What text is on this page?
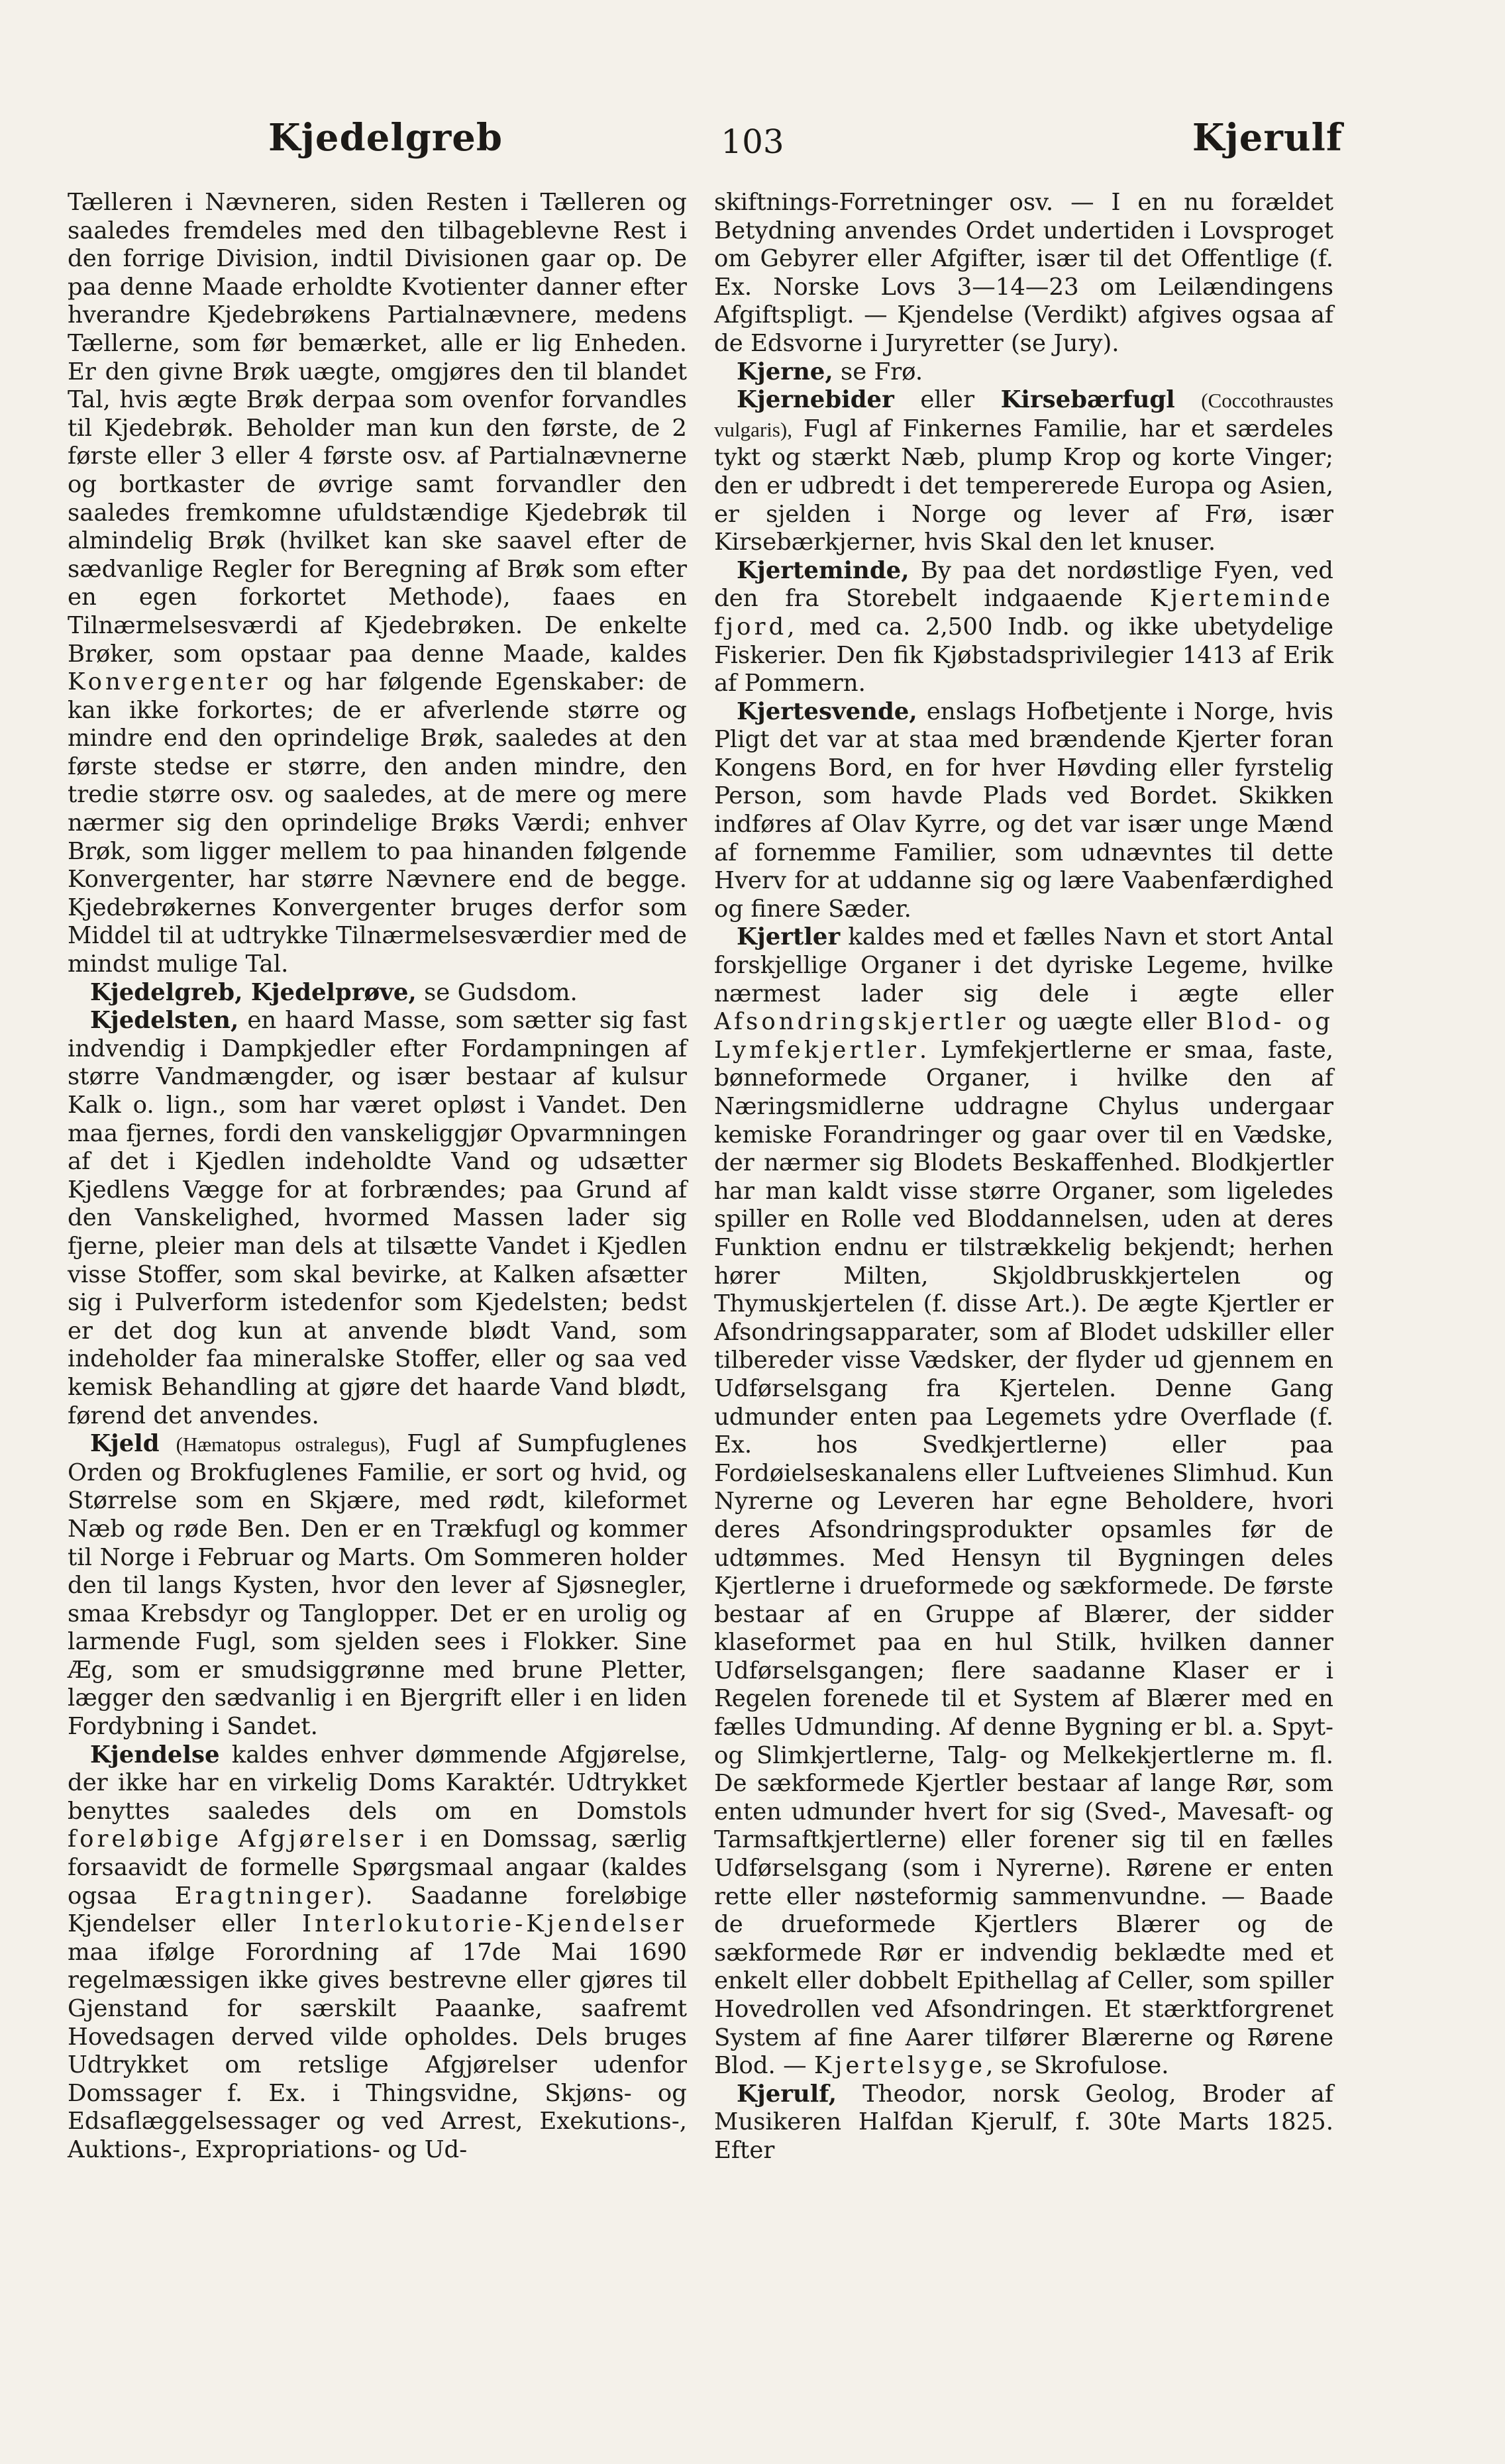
Kjedelgreb	103	Kjerulf

Tælleren i Nævneren, siden Resten i Tælleren og saaledes fremdeles med den tilbageblevne Rest i den forrige Division, indtil Divisionen gaar op. De paa denne Maade erholdte Kvotienter danner efter hverandre Kjedebrøkens Partialnævnere, medens Tællerne, som før bemærket, alle er lig Enheden. Er den givne Brøk uægte, omgjøres den til blandet Tal, hvis ægte Brøk derpaa som ovenfor forvandles til Kjedebrøk. Beholder man kun den første, de 2 første eller 3 eller 4 første osv. af Partialnævnerne og bortkaster de øvrige samt forvandler den saaledes fremkomne ufuldstændige Kjedebrøk til almindelig Brøk (hvilket kan ske saavel efter de sædvanlige Regler for Beregning af Brøk som efter en egen forkortet Methode), faaes en Tilnærmelsesværdi af Kjedebrøken. De enkelte Brøker, som opstaar paa denne Maade, kaldes Konvergenter og har følgende Egenskaber: de kan ikke forkortes; de er afverlende større og mindre end den oprindelige Brøk, saaledes at den første stedse er større, den anden mindre, den tredie større osv. og saaledes, at de mere og mere nærmer sig den oprindelige Brøks Værdi; enhver Brøk, som ligger mellem to paa hinanden følgende Konvergenter, har større Nævnere end de begge. Kjedebrøkernes Konvergenter bruges derfor som Middel til at udtrykke Tilnærmelsesværdier med de mindst mulige Tal.

Kjedelgreb, Kjedelprøve, se Gudsdom.

Kjedelsten, en haard Masse, som sætter sig fast indvendig i Dampkjedler efter Fordampningen af større Vandmængder, og især bestaar af kulsur Kalk o. lign., som har været opløst i Vandet. Den maa fjernes, fordi den vanskeliggjør Opvarmningen af det i Kjedlen indeholdte Vand og udsætter Kjedlens Vægge for at forbrændes; paa Grund af den Vanskelighed, hvormed Massen lader sig fjerne, pleier man dels at tilsætte Vandet i Kjedlen visse Stoffer, som skal bevirke, at Kalken afsætter sig i Pulverform istedenfor som Kjedelsten; bedst er det dog kun at anvende blødt Vand, som indeholder faa mineralske Stoffer, eller og saa ved kemisk Behandling at gjøre det haarde Vand blødt, førend det anvendes.

Kjeld (Hæmatopus ostralegus), Fugl af Sumpfuglenes Orden og Brokfuglenes Familie, er sort og hvid, og Størrelse som en Skjære, med rødt, kileformet Næb og røde Ben. Den er en Trækfugl og kommer til Norge i Februar og Marts. Om Sommeren holder den til langs Kysten, hvor den lever af Sjøsnegler, smaa Krebsdyr og Tanglopper. Det er en urolig og larmende Fugl, som sjelden sees i Flokker. Sine Æg, som er smudsiggrønne med brune Pletter, lægger den sædvanlig i en Bjergrift eller i en liden Fordybning i Sandet.

Kjendelse kaldes enhver dømmende Afgjørelse, der ikke har en virkelig Doms Karaktér. Udtrykket benyttes saaledes dels om en Domstols foreløbige Afgjørelser i en Domssag, særlig forsaavidt de formelle Spørgsmaal angaar (kaldes ogsaa Eragtninger). Saadanne foreløbige Kjendelser eller Interlokutorie-Kjendelser maa ifølge Forordning af 17de Mai 1690 regelmæssigen ikke gives bestrevne eller gjøres til Gjenstand for særskilt Paaanke, saafremt Hovedsagen derved vilde opholdes. Dels bruges Udtrykket om retslige Afgjørelser udenfor Domssager f. Ex. i Thingsvidne, Skjøns- og Edsaflæggelsessager og ved Arrest, Exekutions-, Auktions-, Expropriations- og Ud-

skiftnings-Forretninger osv. — I en nu forældet Betydning anvendes Ordet undertiden i Lovsproget om Gebyrer eller Afgifter, især til det Offentlige (f. Ex. Norske Lovs 3—14—23 om Leilændingens Afgiftspligt. — Kjendelse (Verdikt) afgives ogsaa af de Edsvorne i Juryretter (se Jury).

Kjerne, se Frø.

Kjernebider eller Kirsebærfugl (Coccothraustes vulgaris), Fugl af Finkernes Familie, har et særdeles tykt og stærkt Næb, plump Krop og korte Vinger; den er udbredt i det tempererede Europa og Asien, er sjelden i Norge og lever af Frø, især Kirsebærkjerner, hvis Skal den let knuser.

Kjerteminde, By paa det nordøstlige Fyen, ved den fra Storebelt indgaaende Kjerteminde fjord, med ca. 2,500 Indb. og ikke ubetydelige Fiskerier. Den fik Kjøbstadsprivilegier 1413 af Erik af Pommern.

Kjertesvende, enslags Hofbetjente i Norge, hvis Pligt det var at staa med brændende Kjerter foran Kongens Bord, en for hver Høvding eller fyrstelig Person, som havde Plads ved Bordet. Skikken indføres af Olav Kyrre, og det var især unge Mænd af fornemme Familier, som udnævntes til dette Hverv for at uddanne sig og lære Vaabenfærdighed og finere Sæder.

Kjertler kaldes med et fælles Navn et stort Antal forskjellige Organer i det dyriske Legeme, hvilke nærmest lader sig dele i ægte eller Afsondringskjertler og uægte eller Blod- og Lymfekjertler. Lymfekjertlerne er smaa, faste, bønneformede Organer, i hvilke den af Næringsmidlerne uddragne Chylus undergaar kemiske Forandringer og gaar over til en Vædske, der nærmer sig Blodets Beskaffenhed. Blodkjertler har man kaldt visse større Organer, som ligeledes spiller en Rolle ved Bloddannelsen, uden at deres Funktion endnu er tilstrækkelig bekjendt; herhen hører Milten, Skjoldbruskkjertelen og Thymuskjertelen (f. disse Art.). De ægte Kjertler er Afsondringsapparater, som af Blodet udskiller eller tilbereder visse Vædsker, der flyder ud gjennem en Udførselsgang fra Kjertelen. Denne Gang udmunder enten paa Legemets ydre Overflade (f. Ex. hos Svedkjertlerne) eller paa Fordøielseskanalens eller Luftveienes Slimhud. Kun Nyrerne og Leveren har egne Beholdere, hvori deres Afsondringsprodukter opsamles før de udtømmes. Med Hensyn til Bygningen deles Kjertlerne i drueformede og sækformede. De første bestaar af en Gruppe af Blærer, der sidder klaseformet paa en hul Stilk, hvilken danner Udførselsgangen; flere saadanne Klaser er i Regelen forenede til et System af Blærer med en fælles Udmunding. Af denne Bygning er bl. a. Spyt- og Slimkjertlerne, Talg- og Melkekjertlerne m. fl. De sækformede Kjertler bestaar af lange Rør, som enten udmunder hvert for sig (Sved-, Mavesaft- og Tarmsaftkjertlerne) eller forener sig til en fælles Udførselsgang (som i Nyrerne). Rørene er enten rette eller nøsteformig sammenvundne. — Baade de drueformede Kjertlers Blærer og de sækformede Rør er indvendig beklædte med et enkelt eller dobbelt Epithellag af Celler, som spiller Hovedrollen ved Afsondringen. Et stærktforgrenet System af fine Aarer tilfører Blærerne og Rørene Blod. — Kjertelsyge, se Skrofulose.

Kjerulf, Theodor, norsk Geolog, Broder af Musikeren Halfdan Kjerulf, f. 30te Marts 1825. Efter
